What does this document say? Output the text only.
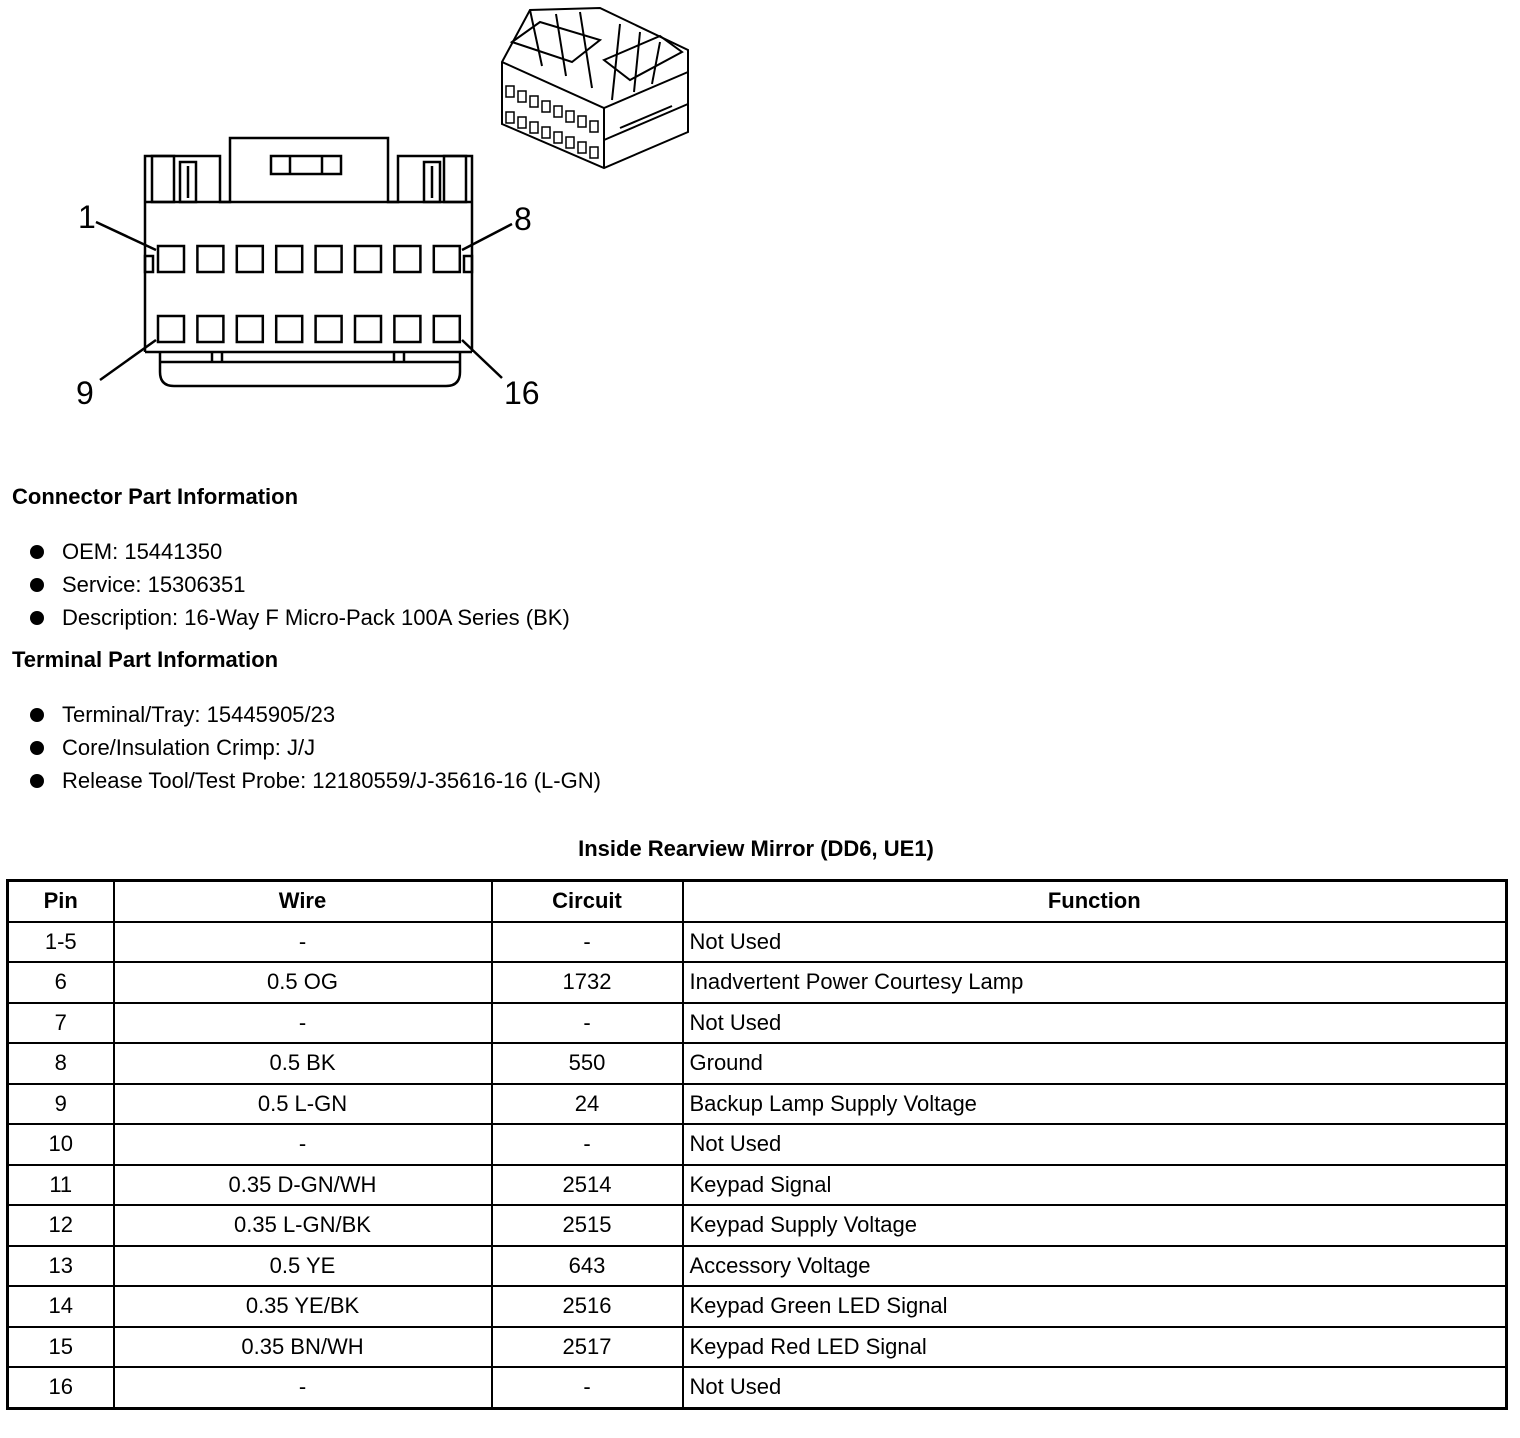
1	8
9	16
Connector Part Information
OEM: 15441350
Service: 15306351
Description: 16-Way F Micro-Pack 100A Series (BK)
Terminal Part Information
Terminal/Tray: 15445905/23
Core/Insulation Crimp: J/J
Release Tool/Test Probe: 12180559/J-35616-16 (L-GN)
Inside Rearview Mirror (DD6, UE1)
Pin	Wire	Circuit	Function
1-5	-	-	Not Used
6	0.5 OG	1732	Inadvertent Power Courtesy Lamp
7	-	-	Not Used
8	0.5 BK	550	Ground
9	0.5 L-GN	24	Backup Lamp Supply Voltage
10	-	-	Not Used
11	0.35 D-GN/WH	2514	Keypad Signal
12	0.35 L-GN/BK	2515	Keypad Supply Voltage
13	0.5 YE	643	Accessory Voltage
14	0.35 YE/BK	2516	Keypad Green LED Signal
15	0.35 BN/WH	2517	Keypad Red LED Signal
16	-	-	Not Used
